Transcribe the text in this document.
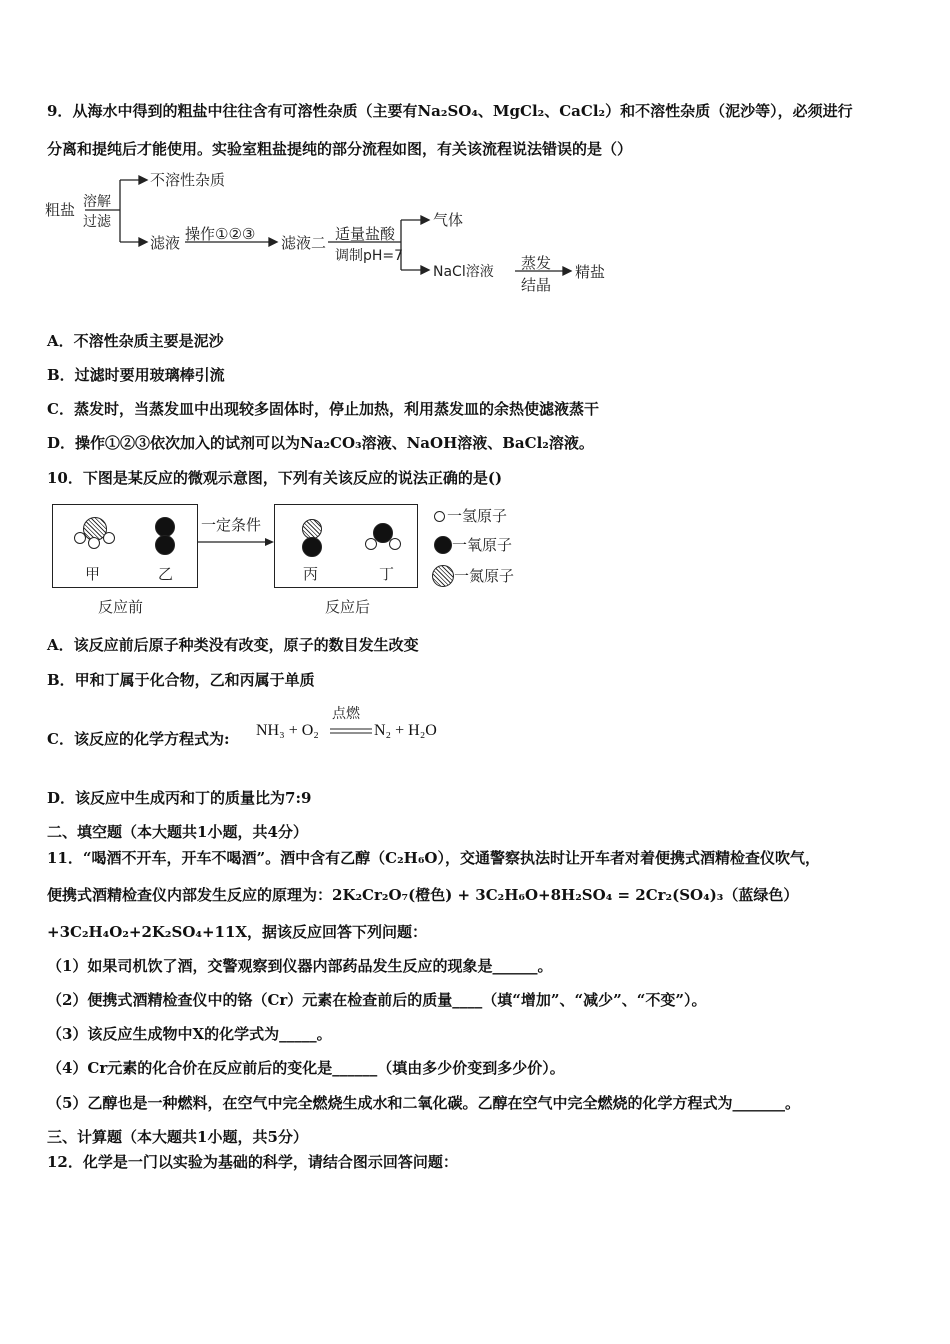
9．从海水中得到的粗盐中往往含有可溶性杂质（主要有Na₂SO₄、MgCl₂、CaCl₂）和不溶性杂质（泥沙等），必须进行
分离和提纯后才能使用。实验室粗盐提纯的部分流程如图，有关该流程说法错误的是（）
粗盐 溶解
过滤
不溶性杂质
滤液 操作①②③ 滤液二 适量盐酸
调制pH=7
气体
NaCl溶液 蒸发
结晶
精盐
A．不溶性杂质主要是泥沙
B．过滤时要用玻璃棒引流
C．蒸发时，当蒸发皿中出现较多固体时，停止加热，利用蒸发皿的余热使滤液蒸干
D．操作①②③依次加入的试剂可以为Na₂CO₃溶液、NaOH溶液、BaCl₂溶液。
10．下图是某反应的微观示意图，下列有关该反应的说法正确的是()
甲	乙
一定条件
丙	丁
反应前	反应后
一氢原子
一氧原子
一氮原子
A．该反应前后原子种类没有改变，原子的数目发生改变
B．甲和丁属于化合物，乙和丙属于单质
C．该反应的化学方程式为: NH₃ + O₂
点燃
N₂ + H₂O
D．该反应中生成丙和丁的质量比为7:9
二、填空题（本大题共1小题，共4分）
11．“喝酒不开车，开车不喝酒”。酒中含有乙醇（C₂H₆O），交通警察执法时让开车者对着便携式酒精检查仪吹气，
便携式酒精检查仪内部发生反应的原理为：2K₂Cr₂O₇(橙色) + 3C₂H₆O+8H₂SO₄ = 2Cr₂(SO₄)₃（蓝绿色）
+3C₂H₄O₂+2K₂SO₄+11X，据该反应回答下列问题：
（1）如果司机饮了酒，交警观察到仪器内部药品发生反应的现象是______。
（2）便携式酒精检查仪中的铬（Cr）元素在检查前后的质量____（填“增加”、“减少”、“不变”）。
（3）该反应生成物中X的化学式为_____。
（4）Cr元素的化合价在反应前后的变化是______（填由多少价变到多少价）。
（5）乙醇也是一种燃料，在空气中完全燃烧生成水和二氧化碳。乙醇在空气中完全燃烧的化学方程式为_______。
三、计算题（本大题共1小题，共5分）
12．化学是一门以实验为基础的科学，请结合图示回答问题：
